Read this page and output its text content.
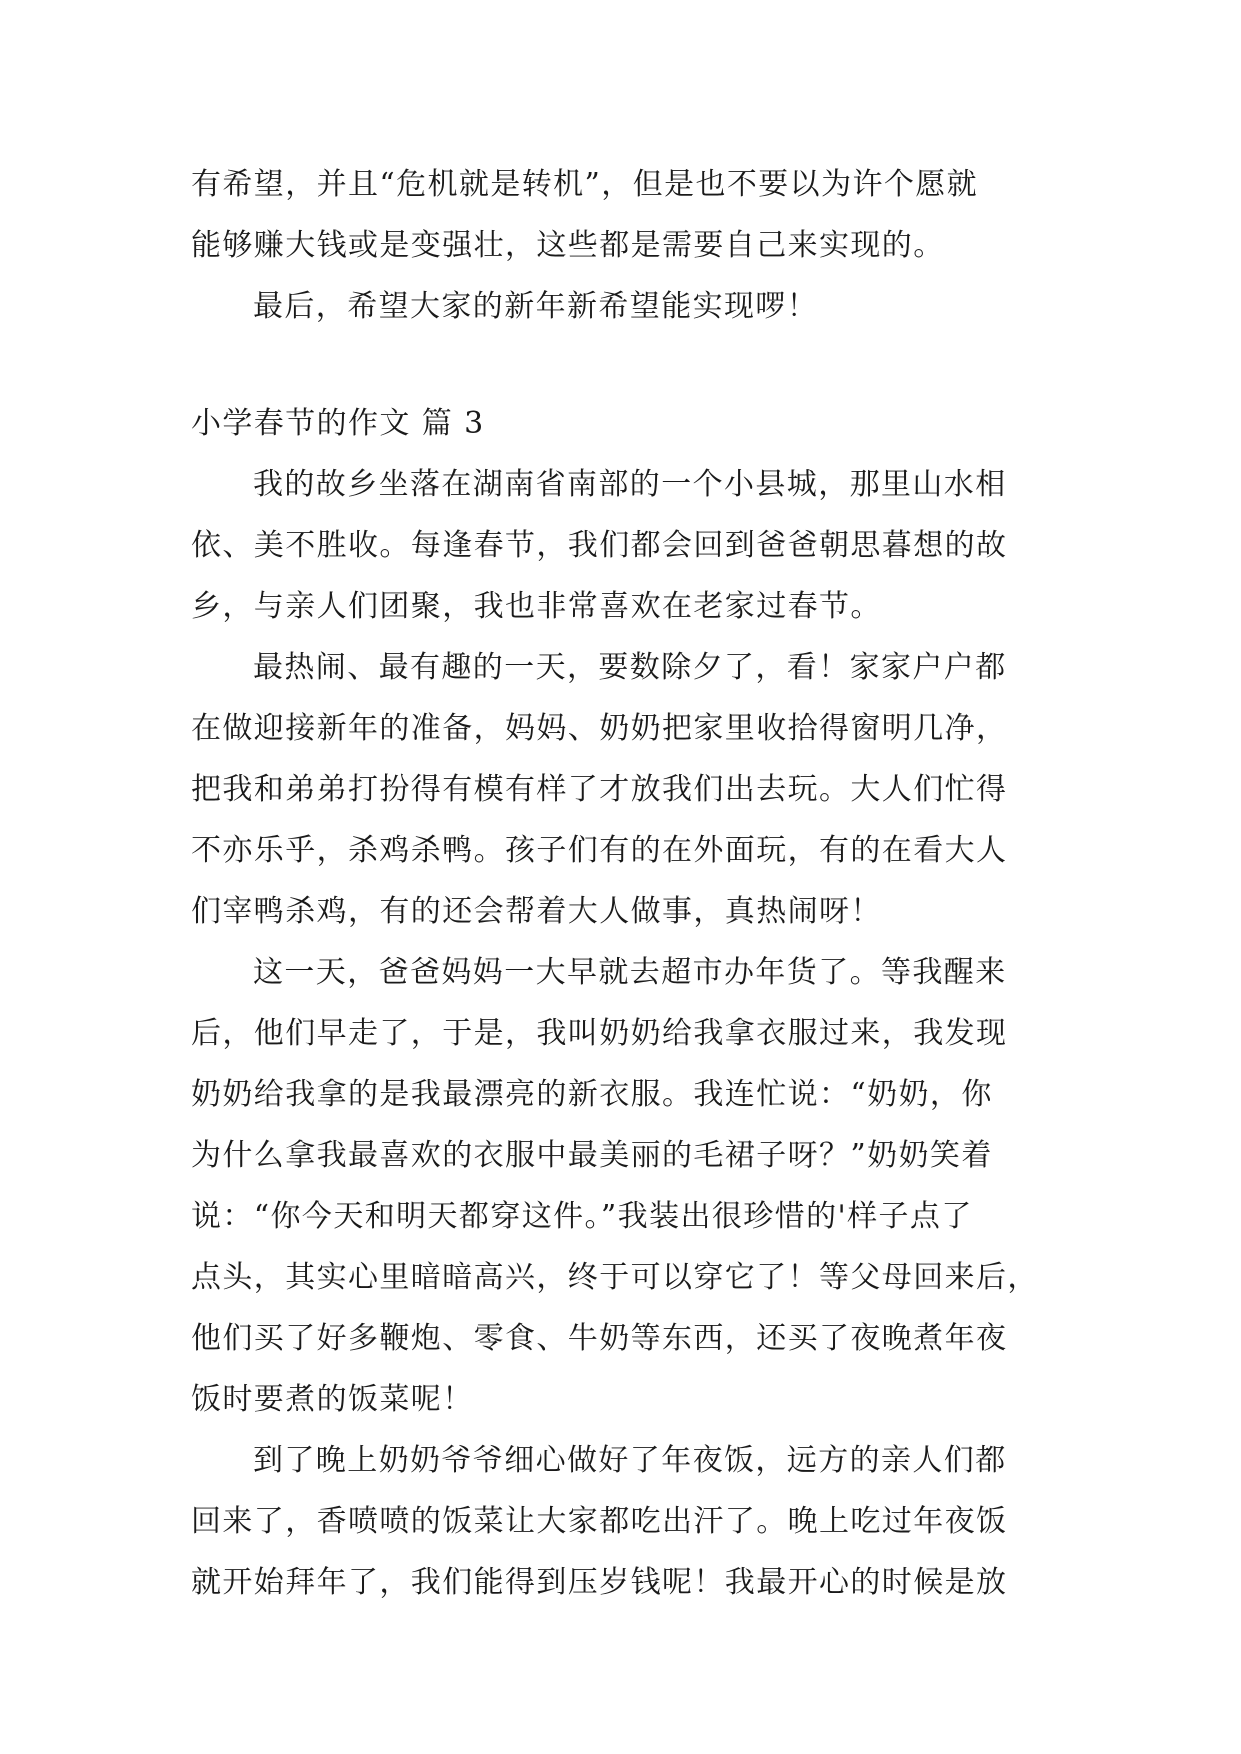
有希望，并且“危机就是转机”，但是也不要以为许个愿就
能够赚大钱或是变强壮，这些都是需要自己来实现的。
最后，希望大家的新年新希望能实现啰！
小学春节的作文 篇 3
我的故乡坐落在湖南省南部的一个小县城，那里山水相
依、美不胜收。每逢春节，我们都会回到爸爸朝思暮想的故
乡，与亲人们团聚，我也非常喜欢在老家过春节。
最热闹、最有趣的一天，要数除夕了，看！家家户户都
在做迎接新年的准备，妈妈、奶奶把家里收拾得窗明几净，
把我和弟弟打扮得有模有样了才放我们出去玩。大人们忙得
不亦乐乎，杀鸡杀鸭。孩子们有的在外面玩，有的在看大人
们宰鸭杀鸡，有的还会帮着大人做事，真热闹呀！
这一天，爸爸妈妈一大早就去超市办年货了。等我醒来
后，他们早走了，于是，我叫奶奶给我拿衣服过来，我发现
奶奶给我拿的是我最漂亮的新衣服。我连忙说：“奶奶，你
为什么拿我最喜欢的衣服中最美丽的毛裙子呀？”奶奶笑着
说：“你今天和明天都穿这件。”我装出很珍惜的'样子点了
点头，其实心里暗暗高兴，终于可以穿它了！等父母回来后，
他们买了好多鞭炮、零食、牛奶等东西，还买了夜晚煮年夜
饭时要煮的饭菜呢！
到了晚上奶奶爷爷细心做好了年夜饭，远方的亲人们都
回来了，香喷喷的饭菜让大家都吃出汗了。晚上吃过年夜饭
就开始拜年了，我们能得到压岁钱呢！我最开心的时候是放
